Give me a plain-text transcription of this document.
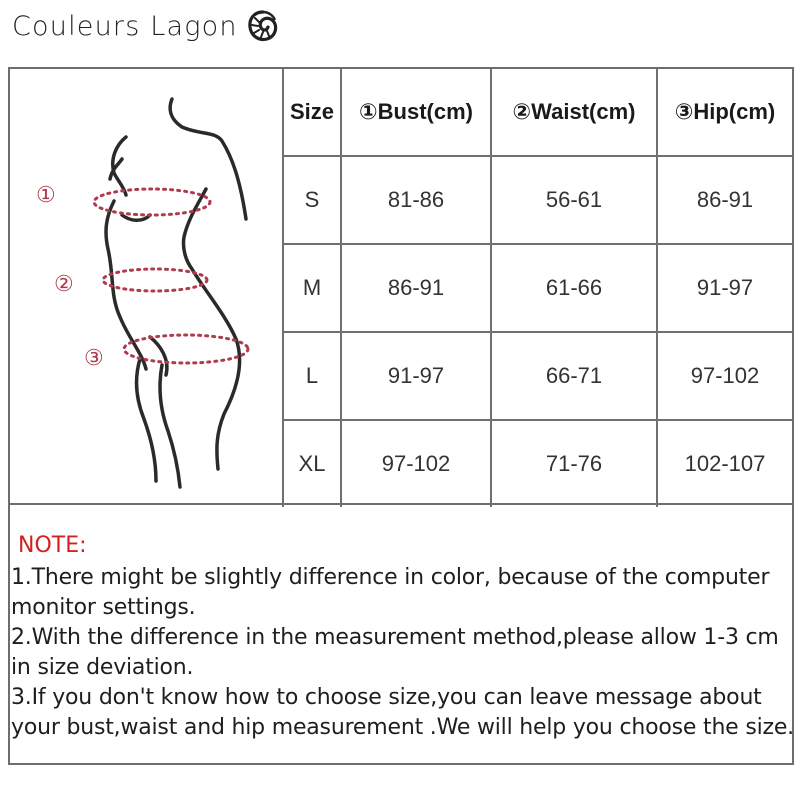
Couleurs Lagon
①
②
③
Size	①Bust(cm)	②Waist(cm)	③Hip(cm)
S	81-86	56-61	86-91
M	86-91	61-66	91-97
L	91-97	66-71	97-102
XL	97-102	71-76	102-107
NOTE:
1.There might be slightly difference in color, because of the computer
monitor settings.
2.With the difference in the measurement method,please allow 1-3 cm
in size deviation.
3.If you don't know how to choose size,you can leave message about
your bust,waist and hip measurement .We will help you choose the size.
